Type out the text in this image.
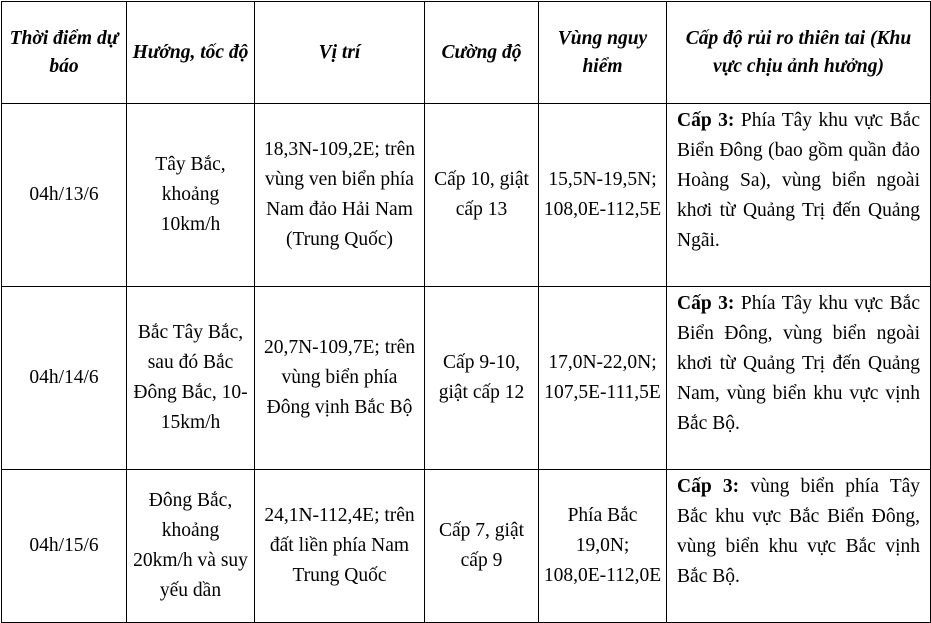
Thời điểm dự báo	Hướng, tốc độ	Vị trí	Cường độ	Vùng nguy hiểm	Cấp độ rủi ro thiên tai (Khu vực chịu ảnh hưởng)
04h/13/6	Tây Bắc, khoảng 10km/h	18,3N-109,2E; trên vùng ven biển phía Nam đảo Hải Nam (Trung Quốc)	Cấp 10, giật cấp 13	15,5N-19,5N; 108,0E-112,5E	Cấp 3: Phía Tây khu vực Bắc Biển Đông (bao gồm quần đảo Hoàng Sa), vùng biển ngoài khơi từ Quảng Trị đến Quảng Ngãi.
04h/14/6	Bắc Tây Bắc, sau đó Bắc Đông Bắc, 10-15km/h	20,7N-109,7E; trên vùng biển phía Đông vịnh Bắc Bộ	Cấp 9-10, giật cấp 12	17,0N-22,0N; 107,5E-111,5E	Cấp 3: Phía Tây khu vực Bắc Biển Đông, vùng biển ngoài khơi từ Quảng Trị đến Quảng Nam, vùng biển khu vực vịnh Bắc Bộ.
04h/15/6	Đông Bắc, khoảng 20km/h và suy yếu dần	24,1N-112,4E; trên đất liền phía Nam Trung Quốc	Cấp 7, giật cấp 9	Phía Bắc 19,0N; 108,0E-112,0E	Cấp 3: vùng biển phía Tây Bắc khu vực Bắc Biển Đông, vùng biển khu vực Bắc vịnh Bắc Bộ.
